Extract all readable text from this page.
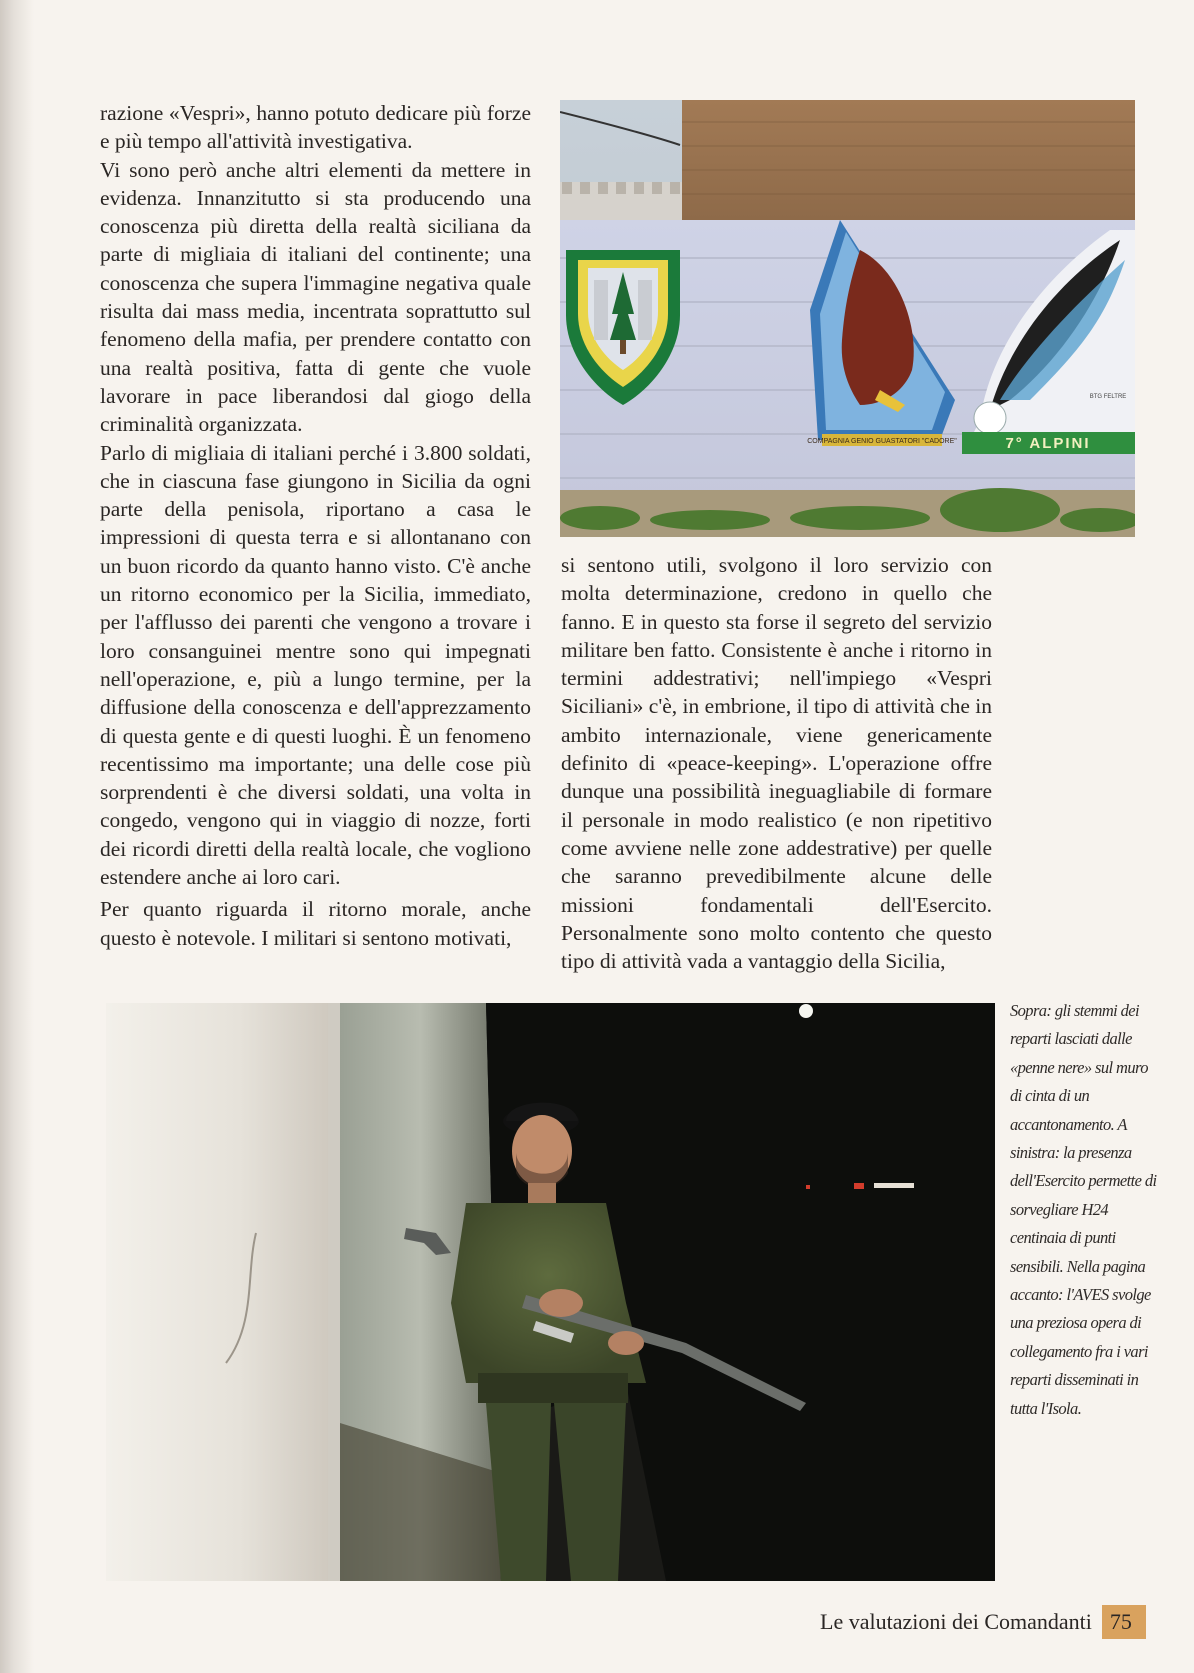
razione «Vespri», hanno potuto dedicare più forze e più tempo all'attività investigativa.

Vi sono però anche altri elementi da mettere in evidenza. Innanzitutto si sta producendo una conoscenza più diretta della realtà siciliana da parte di migliaia di italiani del continente; una conoscenza che supera l'immagine negativa quale risulta dai mass media, incentrata soprattutto sul fenomeno della mafia, per prendere contatto con una realtà positiva, fatta di gente che vuole lavorare in pace liberandosi dal giogo della criminalità organizzata.

Parlo di migliaia di italiani perché i 3.800 soldati, che in ciascuna fase giungono in Sicilia da ogni parte della penisola, riportano a casa le impressioni di questa terra e si allontanano con un buon ricordo da quanto hanno visto. C'è anche un ritorno economico per la Sicilia, immediato, per l'afflusso dei parenti che vengono a trovare i loro consanguinei mentre sono qui impegnati nell'operazione, e, più a lungo termine, per la diffusione della conoscenza e dell'apprezzamento di questa gente e di questi luoghi. È un fenomeno recentissimo ma importante; una delle cose più sorprendenti è che diversi soldati, una volta in congedo, vengono qui in viaggio di nozze, forti dei ricordi diretti della realtà locale, che vogliono estendere anche ai loro cari.

Per quanto riguarda il ritorno morale, anche questo è notevole. I militari si sentono motivati,

COMPAGNIA GENIO GUASTATORI "CADORE"	7° ALPINI
BTG FELTRE

si sentono utili, svolgono il loro servizio con molta determinazione, credono in quello che fanno. E in questo sta forse il segreto del servizio militare ben fatto. Consistente è anche i ritorno in termini addestrativi; nell'impiego «Vespri Siciliani» c'è, in embrione, il tipo di attività che in ambito internazionale, viene genericamente definito di «peace-keeping». L'operazione offre dunque una possibilità ineguagliabile di formare il personale in modo realistico (e non ripetitivo come avviene nelle zone addestrative) per quelle che saranno prevedibilmente alcune delle missioni fondamentali dell'Esercito. Personalmente sono molto contento che questo tipo di attività vada a vantaggio della Sicilia,

Sopra: gli stemmi dei reparti lasciati dalle «penne nere» sul muro di cinta di un accantonamento. A sinistra: la presenza dell'Esercito permette di sorvegliare H24 centinaia di punti sensibili. Nella pagina accanto: l'AVES svolge una preziosa opera di collegamento fra i vari reparti disseminati in tutta l'Isola.
Le valutazioni dei Comandanti 75
